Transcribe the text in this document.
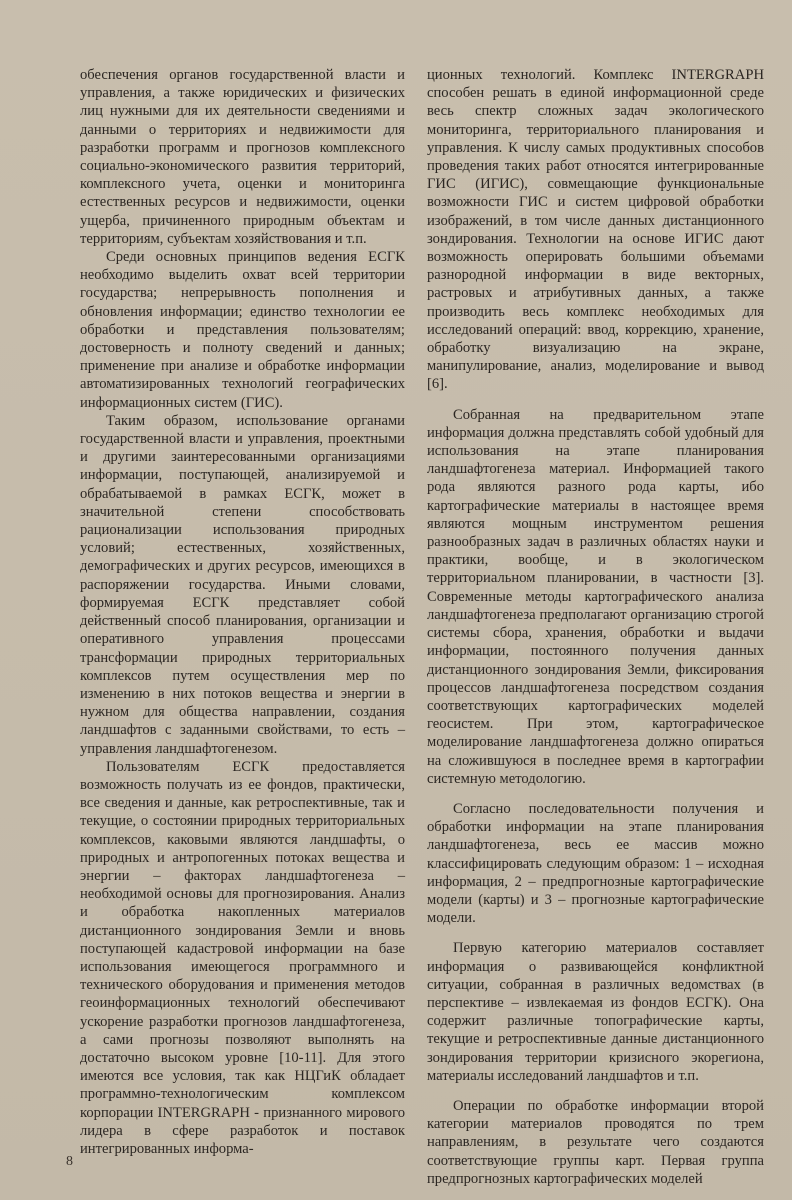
обеспечения органов государственной власти и управления, а также юридических и физических лиц нужными для их деятельности сведениями и данными о территориях и недвижимости для разработки программ и прогнозов комплексного социально-экономического развития территорий, комплексного учета, оценки и мониторинга естественных ресурсов и недвижимости, оценки ущерба, причиненного природным объектам и территориям, субъектам хозяйствования и т.п.

Среди основных принципов ведения ЕСГК необходимо выделить охват всей территории государства; непрерывность пополнения и обновления информации; единство технологии ее обработки и представления пользователям; достоверность и полноту сведений и данных; применение при анализе и обработке информации автоматизированных технологий географических информационных систем (ГИС).

Таким образом, использование органами государственной власти и управления, проектными и другими заинтересованными организациями информации, поступающей, анализируемой и обрабатываемой в рамках ЕСГК, может в значительной степени способствовать рационализации использования природных условий; естественных, хозяйственных, демографических и других ресурсов, имеющихся в распоряжении государства. Иными словами, формируемая ЕСГК представляет собой действенный способ планирования, организации и оперативного управления процессами трансформации природных территориальных комплексов путем осуществления мер по изменению в них потоков вещества и энергии в нужном для общества направлении, создания ландшафтов с заданными свойствами, то есть – управления ландшафтогенезом.

Пользователям ЕСГК предоставляется возможность получать из ее фондов, практически, все сведения и данные, как ретроспективные, так и текущие, о состоянии природных территориальных комплексов, каковыми являются ландшафты, о природных и антропогенных потоках вещества и энергии – факторах ландшафтогенеза – необходимой основы для прогнозирования. Анализ и обработка накопленных материалов дистанционного зондирования Земли и вновь поступающей кадастровой информации на базе использования имеющегося программного и технического оборудования и применения методов геоинформационных технологий обеспечивают ускорение разработки прогнозов ландшафтогенеза, а сами прогнозы позволяют выполнять на достаточно высоком уровне [10-11]. Для этого имеются все условия, так как НЦГиК обладает программно-технологическим комплексом корпорации INTERGRAPH - признанного мирового лидера в сфере разработок и поставок интегрированных информа-

ционных технологий. Комплекс INTERGRAPH способен решать в единой информационной среде весь спектр сложных задач экологического мониторинга, территориального планирования и управления. К числу самых продуктивных способов проведения таких работ относятся интегрированные ГИС (ИГИС), совмещающие функциональные возможности ГИС и систем цифровой обработки изображений, в том числе данных дистанционного зондирования. Технологии на основе ИГИС дают возможность оперировать большими объемами разнородной информации в виде векторных, растровых и атрибутивных данных, а также производить весь комплекс необходимых для исследований операций: ввод, коррекцию, хранение, обработку визуализацию на экране, манипулирование, анализ, моделирование и вывод [6].

Собранная на предварительном этапе информация должна представлять собой удобный для использования на этапе планирования ландшафтогенеза материал. Информацией такого рода являются разного рода карты, ибо картографические материалы в настоящее время являются мощным инструментом решения разнообразных задач в различных областях науки и практики, вообще, и в экологическом территориальном планировании, в частности [3]. Современные методы картографического анализа ландшафтогенеза предполагают организацию строгой системы сбора, хранения, обработки и выдачи информации, постоянного получения данных дистанционного зондирования Земли, фиксирования процессов ландшафтогенеза посредством создания соответствующих картографических моделей геосистем. При этом, картографическое моделирование ландшафтогенеза должно опираться на сложившуюся в последнее время в картографии системную методологию.

Согласно последовательности получения и обработки информации на этапе планирования ландшафтогенеза, весь ее массив можно классифицировать следующим образом: 1 – исходная информация, 2 – предпрогнозные картографические модели (карты) и 3 – прогнозные картографические модели.

Первую категорию материалов составляет информация о развивающейся конфликтной ситуации, собранная в различных ведомствах (в перспективе – извлекаемая из фондов ЕСГК). Она содержит различные топографические карты, текущие и ретроспективные данные дистанционного зондирования территории кризисного экорегиона, материалы исследований ландшафтов и т.п.

Операции по обработке информации второй категории материалов проводятся по трем направлениям, в результате чего создаются соответствующие группы карт. Первая группа предпрогнозных картографических моделей

8
